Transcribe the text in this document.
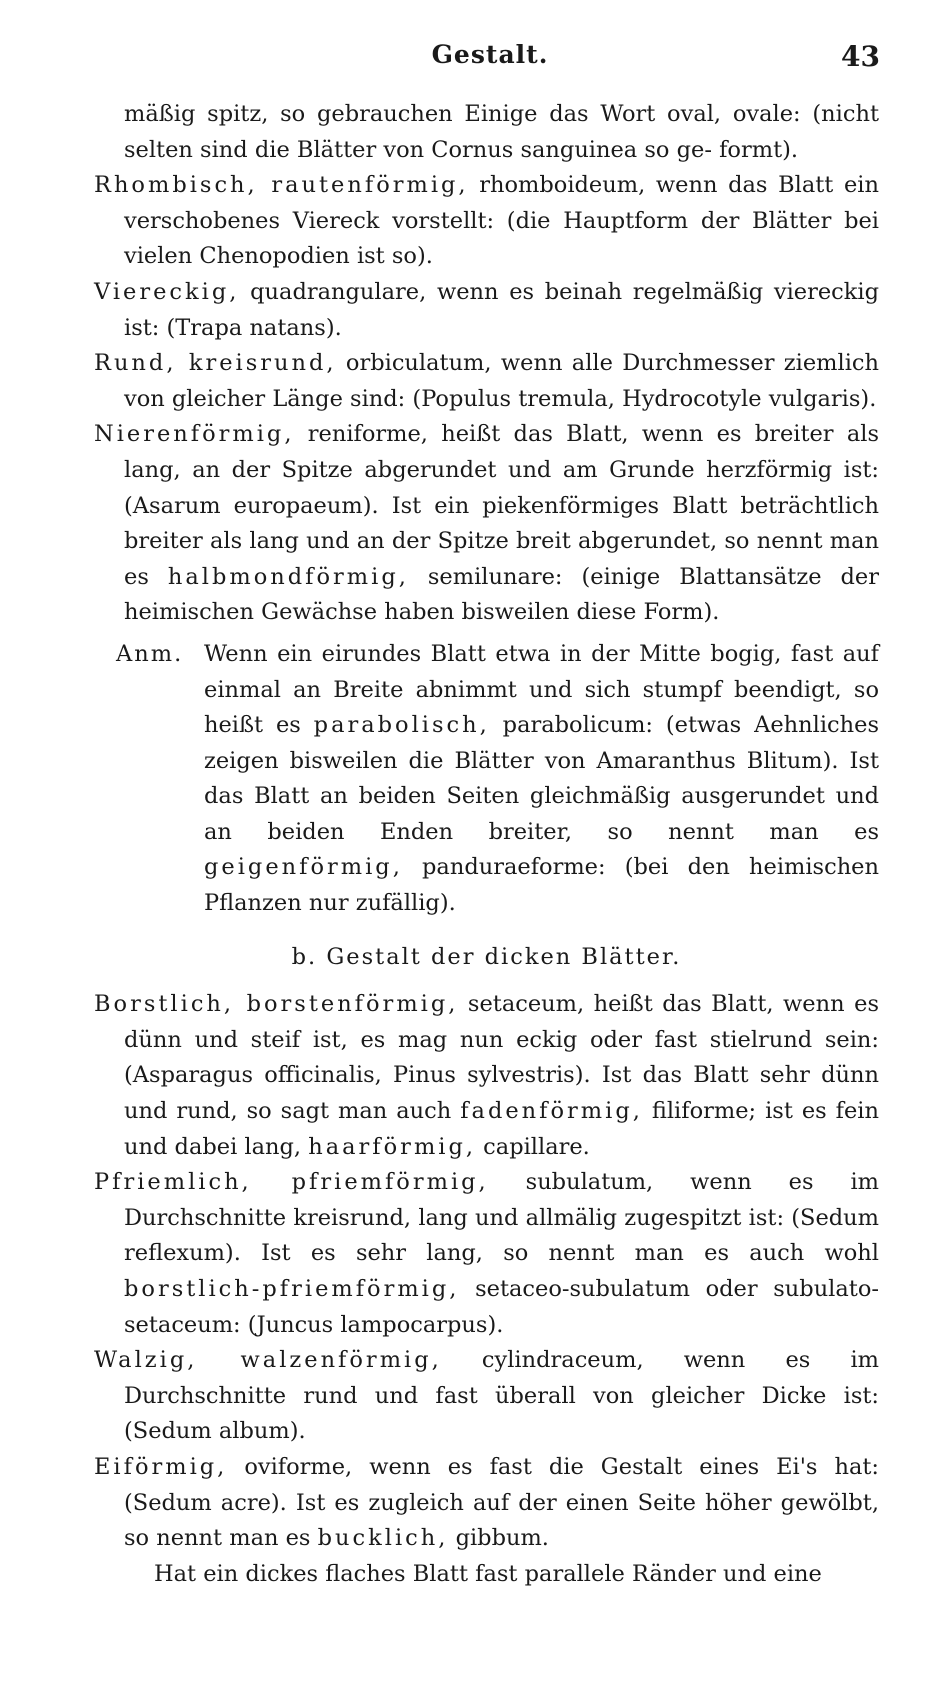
Gestalt.	43

mäßig spitz, so gebrauchen Einige das Wort oval, ovale: (nicht selten sind die Blätter von Cornus sanguinea so ge- formt).

Rhombisch, rautenförmig, rhomboideum, wenn das Blatt ein verschobenes Viereck vorstellt: (die Hauptform der Blätter bei vielen Chenopodien ist so).

Viereckig, quadrangulare, wenn es beinah regelmäßig viereckig ist: (Trapa natans).

Rund, kreisrund, orbiculatum, wenn alle Durchmesser ziemlich von gleicher Länge sind: (Populus tremula, Hydrocotyle vulgaris).

Nierenförmig, reniforme, heißt das Blatt, wenn es breiter als lang, an der Spitze abgerundet und am Grunde herzförmig ist: (Asarum europaeum). Ist ein piekenförmiges Blatt beträchtlich breiter als lang und an der Spitze breit abgerundet, so nennt man es halbmondförmig, semilunare: (einige Blattansätze der heimischen Gewächse haben bisweilen diese Form).

Anm. Wenn ein eirundes Blatt etwa in der Mitte bogig, fast auf einmal an Breite abnimmt und sich stumpf beendigt, so heißt es parabolisch, parabolicum: (etwas Aehnliches zeigen bisweilen die Blätter von Amaranthus Blitum). Ist das Blatt an beiden Seiten gleichmäßig ausgerundet und an beiden Enden breiter, so nennt man es geigenförmig, panduraeforme: (bei den heimischen Pflanzen nur zufällig).
b. Gestalt der dicken Blätter.

Borstlich, borstenförmig, setaceum, heißt das Blatt, wenn es dünn und steif ist, es mag nun eckig oder fast stielrund sein: (Asparagus officinalis, Pinus sylvestris). Ist das Blatt sehr dünn und rund, so sagt man auch fadenförmig, filiforme; ist es fein und dabei lang, haarförmig, capillare.

Pfriemlich, pfriemförmig, subulatum, wenn es im Durchschnitte kreisrund, lang und allmälig zugespitzt ist: (Sedum reflexum). Ist es sehr lang, so nennt man es auch wohl borstlich-pfriemförmig, setaceo-subulatum oder subulato-setaceum: (Juncus lampocarpus).

Walzig, walzenförmig, cylindraceum, wenn es im Durchschnitte rund und fast überall von gleicher Dicke ist: (Sedum album).

Eiförmig, oviforme, wenn es fast die Gestalt eines Ei's hat: (Sedum acre). Ist es zugleich auf der einen Seite höher gewölbt, so nennt man es bucklich, gibbum.

Hat ein dickes flaches Blatt fast parallele Ränder und eine
